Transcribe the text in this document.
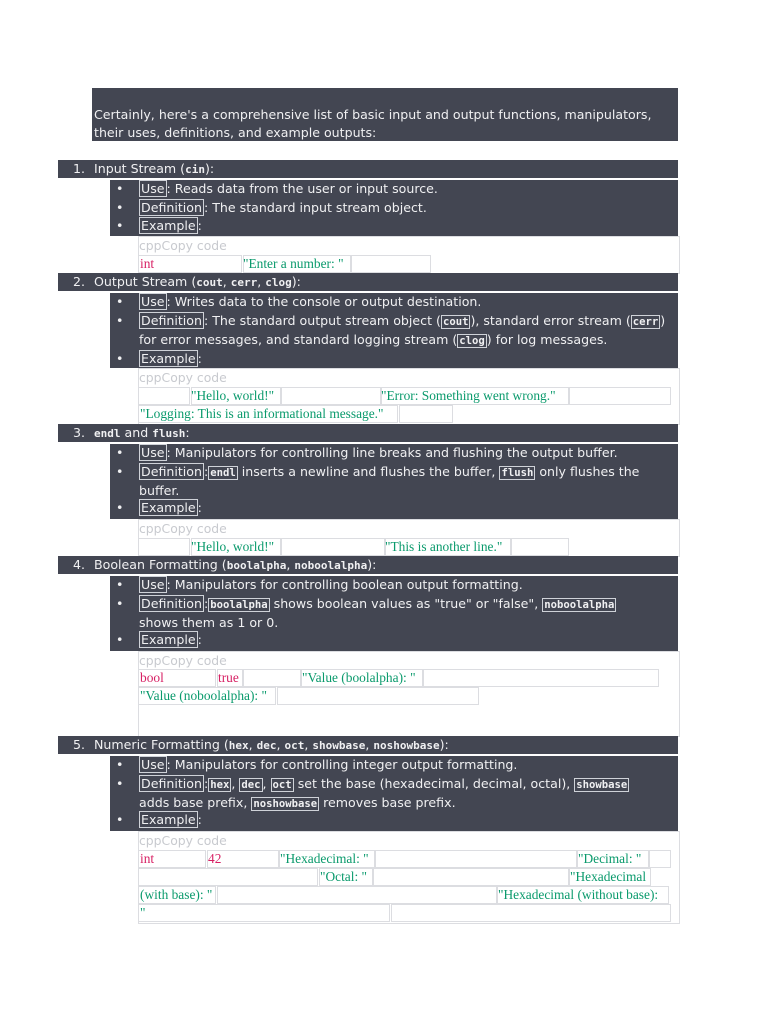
Certainly, here's a comprehensive list of basic input and output functions, manipulators, their uses, definitions, and example outputs:
1. Input Stream (cin):
• Use : Reads data from the user or input source.
• Definition : The standard input stream object.
• Example :
cppCopy code
int	"Enter a number: "
2. Output Stream (cout, cerr, clog):
• Use : Writes data to the console or output destination.
• Definition : The standard output stream object ( cout ), standard error stream ( cerr )
for error messages, and standard logging stream ( clog ) for log messages.
• Example :
cppCopy code
"Hello, world!"	"Error: Something went wrong."
"Logging: This is an informational message."
3. endl and flush:
• Use : Manipulators for controlling line breaks and flushing the output buffer.
• Definition : endl inserts a newline and flushes the buffer, flush only flushes the
buffer.
• Example :
cppCopy code
"Hello, world!"	"This is another line."
4. Boolean Formatting (boolalpha, noboolalpha):
• Use : Manipulators for controlling boolean output formatting.
• Definition : boolalpha shows boolean values as "true" or "false", noboolalpha
shows them as 1 or 0.
• Example :
cppCopy code
bool	true	"Value (boolalpha): "
"Value (noboolalpha): "
5. Numeric Formatting (hex, dec, oct, showbase, noshowbase):
• Use : Manipulators for controlling integer output formatting.
• Definition : hex , dec , oct set the base (hexadecimal, decimal, octal), showbase
adds base prefix, noshowbase removes base prefix.
• Example :
cppCopy code
int	42	"Hexadecimal: "	"Decimal: "
"Octal: "	"Hexadecimal
(with base): "	"Hexadecimal (without base):
"
